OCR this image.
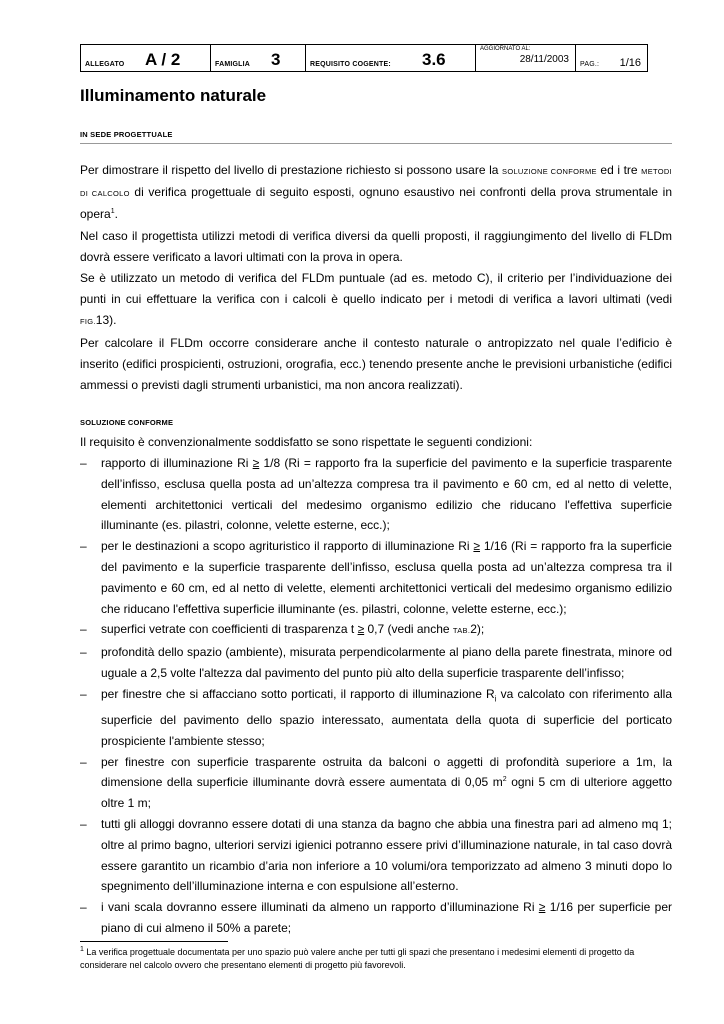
ALLEGATO A / 2	FAMIGLIA 3	REQUISITO COGENTE: 3.6
AGGIORNATO AL:
28/11/2003 PAG.: 1/16
Illuminamento naturale
IN SEDE PROGETTUALE

Per dimostrare il rispetto del livello di prestazione richiesto si possono usare la SOLUZIONE CONFORME ed i tre METODI DI CALCOLO di verifica progettuale di seguito esposti, ognuno esaustivo nei confronti della prova strumentale in opera$^1$.

Nel caso il progettista utilizzi metodi di verifica diversi da quelli proposti, il raggiungimento del livello di FLDm dovrà essere verificato a lavori ultimati con la prova in opera.

Se è utilizzato un metodo di verifica del FLDm puntuale (ad es. metodo C), il criterio per l’individuazione dei punti in cui effettuare la verifica con i calcoli è quello indicato per i metodi di verifica a lavori ultimati (vedi FIG.13).

Per calcolare il FLDm occorre considerare anche il contesto naturale o antropizzato nel quale l’edificio è inserito (edifici prospicienti, ostruzioni, orografia, ecc.) tenendo presente anche le previsioni urbanistiche (edifici ammessi o previsti dagli strumenti urbanistici, ma non ancora realizzati).

SOLUZIONE CONFORME
Il requisito è convenzionalmente soddisfatto se sono rispettate le seguenti condizioni:
– rapporto di illuminazione Ri ≥ 1/8 (Ri = rapporto fra la superficie del pavimento e la superficie trasparente dell’infisso, esclusa quella posta ad un’altezza compresa tra il pavimento e 60 cm, ed al netto di velette, elementi architettonici verticali del medesimo organismo edilizio che riducano l'effettiva superficie illuminante (es. pilastri, colonne, velette esterne, ecc.);
– per le destinazioni a scopo agrituristico il rapporto di illuminazione Ri ≥ 1/16 (Ri = rapporto fra la superficie del pavimento e la superficie trasparente dell’infisso, esclusa quella posta ad un’altezza compresa tra il pavimento e 60 cm, ed al netto di velette, elementi architettonici verticali del medesimo organismo edilizio che riducano l'effettiva superficie illuminante (es. pilastri, colonne, velette esterne, ecc.);
– superfici vetrate con coefficienti di trasparenza t ≥ 0,7 (vedi anche TAB.2);
– profondità dello spazio (ambiente), misurata perpendicolarmente al piano della parete finestrata, minore od uguale a 2,5 volte l'altezza dal pavimento del punto più alto della superficie trasparente dell’infisso;
– per finestre che si affacciano sotto porticati, il rapporto di illuminazione $R_i$ va calcolato con riferimento alla superficie del pavimento dello spazio interessato, aumentata della quota di superficie del porticato prospiciente l'ambiente stesso;
– per finestre con superficie trasparente ostruita da balconi o aggetti di profondità superiore a 1m, la dimensione della superficie illuminante dovrà essere aumentata di 0,05 $m^2$ ogni 5 cm di ulteriore aggetto oltre 1 m;
– tutti gli alloggi dovranno essere dotati di una stanza da bagno che abbia una finestra pari ad almeno mq 1; oltre al primo bagno, ulteriori servizi igienici potranno essere privi d’illuminazione naturale, in tal caso dovrà essere garantito un ricambio d’aria non inferiore a 10 volumi/ora temporizzato ad almeno 3 minuti dopo lo spegnimento dell’illuminazione interna e con espulsione all’esterno.
– i vani scala dovranno essere illuminati da almeno un rapporto d’illuminazione Ri ≥ 1/16 per superficie per piano di cui almeno il 50% a parete;
$^1$ La verifica progettuale documentata per uno spazio può valere anche per tutti gli spazi che presentano i medesimi elementi di progetto da considerare nel calcolo ovvero che presentano elementi di progetto più favorevoli.
